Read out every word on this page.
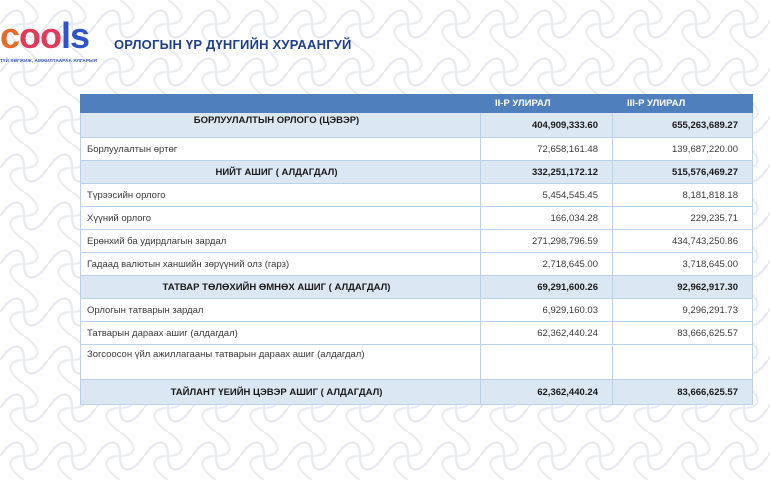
cools
ТҮЙ ХӨГЖИЖ, АМЖИЛТААРАА ЯЛГАРЫЯ
ОРЛОГЫН ҮР ДҮНГИЙН ХУРААНГУЙ
	II-Р УЛИРАЛ	III-Р УЛИРАЛ
БОРЛУУЛАЛТЫН ОРЛОГО (ЦЭВЭР)	404,909,333.60	655,263,689.27
Борлуулалтын өртөг	72,658,161.48	139,687,220.00
НИЙТ АШИГ ( АЛДАГДАЛ)	332,251,172.12	515,576,469.27
Түрээсийн орлого	5,454,545.45	8,181,818.18
Хүүний орлого	166,034.28	229,235.71
Ерөнхий ба удирдлагын зардал	271,298,796.59	434,743,250.86
Гадаад валютын ханшийн зөрүүний олз (гарз)	2,718,645.00	3,718,645.00
ТАТВАР ТӨЛӨХИЙН ӨМНӨХ АШИГ ( АЛДАГДАЛ)	69,291,600.26	92,962,917.30
Орлогын татварын зардал	6,929,160.03	9,296,291.73
Татварын дараах ашиг (алдагдал)	62,362,440.24	83,666,625.57
Зогсоосон үйл ажиллагааны татварын дараах ашиг (алдагдал)		
ТАЙЛАНТ ҮЕИЙН ЦЭВЭР АШИГ ( АЛДАГДАЛ)	62,362,440.24	83,666,625.57
